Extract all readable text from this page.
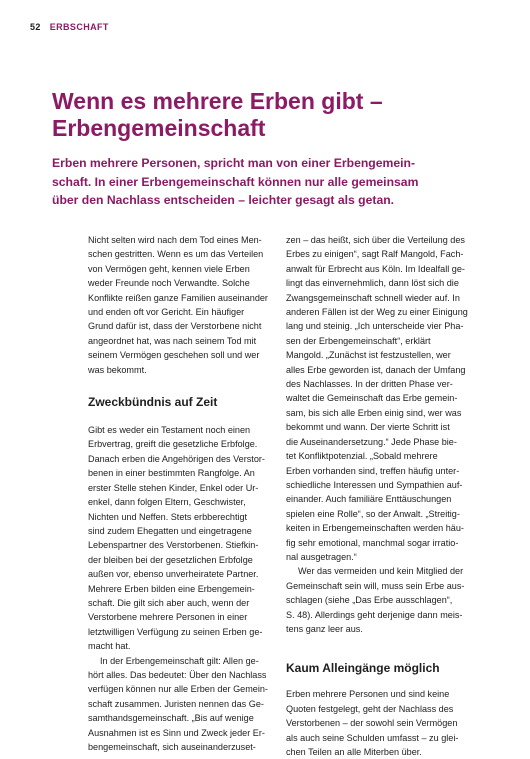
52 ERBSCHAFT
Wenn es mehrere Erben gibt –
Erbengemeinschaft

Erben mehrere Personen, spricht man von einer Erbengemein-
schaft. In einer Erbengemeinschaft können nur alle gemeinsam
über den Nachlass entscheiden – leichter gesagt als getan.

Nicht selten wird nach dem Tod eines Men-
schen gestritten. Wenn es um das Verteilen
von Vermögen geht, kennen viele Erben
weder Freunde noch Verwandte. Solche
Konflikte reißen ganze Familien auseinander
und enden oft vor Gericht. Ein häufiger
Grund dafür ist, dass der Verstorbene nicht
angeordnet hat, was nach seinem Tod mit
seinem Vermögen geschehen soll und wer
was bekommt.
Zweckbündnis auf Zeit
Gibt es weder ein Testament noch einen
Erbvertrag, greift die gesetzliche Erbfolge.
Danach erben die Angehörigen des Verstor-
benen in einer bestimmten Rangfolge. An
erster Stelle stehen Kinder, Enkel oder Ur-
enkel, dann folgen Eltern, Geschwister,
Nichten und Neffen. Stets erbberechtigt
sind zudem Ehegatten und eingetragene
Lebenspartner des Verstorbenen. Stiefkin-
der bleiben bei der gesetzlichen Erbfolge
außen vor, ebenso unverheiratete Partner.
Mehrere Erben bilden eine Erbengemein-
schaft. Die gilt sich aber auch, wenn der
Verstorbene mehrere Personen in einer
letztwilligen Verfügung zu seinen Erben ge-
macht hat.
In der Erbengemeinschaft gilt: Allen ge-
hört alles. Das bedeutet: Über den Nachlass
verfügen können nur alle Erben der Gemein-
schaft zusammen. Juristen nennen das Ge-
samthandsgemeinschaft. „Bis auf wenige
Ausnahmen ist es Sinn und Zweck jeder Er-
bengemeinschaft, sich auseinanderzuset-
zen – das heißt, sich über die Verteilung des
Erbes zu einigen“, sagt Ralf Mangold, Fach-
anwalt für Erbrecht aus Köln. Im Idealfall ge-
lingt das einvernehmlich, dann löst sich die
Zwangsgemeinschaft schnell wieder auf. In
anderen Fällen ist der Weg zu einer Einigung
lang und steinig. „Ich unterscheide vier Pha-
sen der Erbengemeinschaft“, erklärt
Mangold. „Zunächst ist festzustellen, wer
alles Erbe geworden ist, danach der Umfang
des Nachlasses. In der dritten Phase ver-
waltet die Gemeinschaft das Erbe gemein-
sam, bis sich alle Erben einig sind, wer was
bekommt und wann. Der vierte Schritt ist
die Auseinandersetzung.“ Jede Phase bie-
tet Konfliktpotenzial. „Sobald mehrere
Erben vorhanden sind, treffen häufig unter-
schiedliche Interessen und Sympathien auf-
einander. Auch familiäre Enttäuschungen
spielen eine Rolle“, so der Anwalt. „Streitig-
keiten in Erbengemeinschaften werden häu-
fig sehr emotional, manchmal sogar irratio-
nal ausgetragen.“
Wer das vermeiden und kein Mitglied der
Gemeinschaft sein will, muss sein Erbe aus-
schlagen (siehe „Das Erbe ausschlagen“,
S. 48). Allerdings geht derjenige dann meis-
tens ganz leer aus.
Kaum Alleingänge möglich
Erben mehrere Personen und sind keine
Quoten festgelegt, geht der Nachlass des
Verstorbenen – der sowohl sein Vermögen
als auch seine Schulden umfasst – zu glei-
chen Teilen an alle Miterben über.
